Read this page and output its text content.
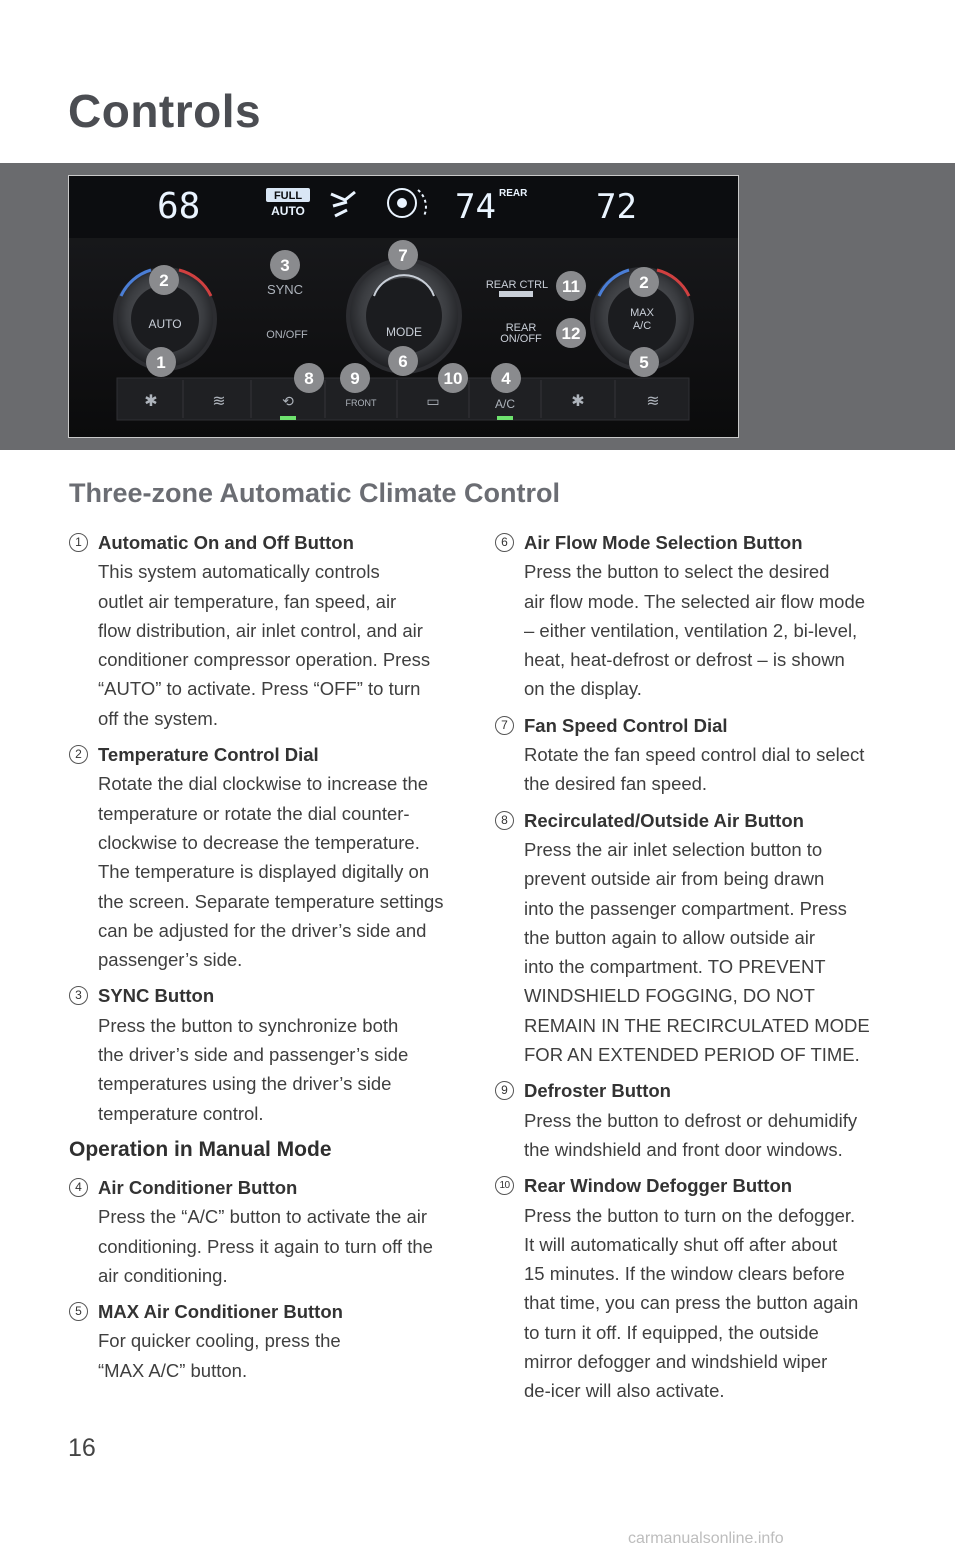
Controls
68	FULL
AUTO	74 REAR 72
AUTO
SYNC
ON/OFF	MODE
REAR CTRL
REAR
ON/OFF
MAX
A/C
✱	≋	⟲	FRONT	▭	A/C	✱	≋
2
3
7
11	2
12
1	6	5
8 9	10 4
Three-zone Automatic Climate Control
1 Automatic On and Off Button
This system automatically controls
outlet air temperature, fan speed, air
flow distribution, air inlet control, and air
conditioner compressor operation. Press
“AUTO” to activate. Press “OFF” to turn
off the system.
2 Temperature Control Dial
Rotate the dial clockwise to increase the
temperature or rotate the dial counter-
clockwise to decrease the temperature.
The temperature is displayed digitally on
the screen. Separate temperature settings
can be adjusted for the driver’s side and
passenger’s side.
3 SYNC Button
Press the button to synchronize both
the driver’s side and passenger’s side
temperatures using the driver’s side
temperature control.
Operation in Manual Mode
4 Air Conditioner Button
Press the “A/C” button to activate the air
conditioning. Press it again to turn off the
air conditioning.
5 MAX Air Conditioner Button
For quicker cooling, press the
“MAX A/C” button.
6 Air Flow Mode Selection Button
Press the button to select the desired
air flow mode. The selected air flow mode
– either ventilation, ventilation 2, bi-level,
heat, heat-defrost or defrost – is shown
on the display.
7 Fan Speed Control Dial
Rotate the fan speed control dial to select
the desired fan speed.
8 Recirculated/Outside Air Button
Press the air inlet selection button to
prevent outside air from being drawn
into the passenger compartment. Press
the button again to allow outside air
into the compartment. TO PREVENT
WINDSHIELD FOGGING, DO NOT
REMAIN IN THE RECIRCULATED MODE
FOR AN EXTENDED PERIOD OF TIME.
9 Defroster Button
Press the button to defrost or dehumidify
the windshield and front door windows.
10 Rear Window Defogger Button
Press the button to turn on the defogger.
It will automatically shut off after about
15 minutes. If the window clears before
that time, you can press the button again
to turn it off. If equipped, the outside
mirror defogger and windshield wiper
de-icer will also activate.
16
carmanualsonline.info
